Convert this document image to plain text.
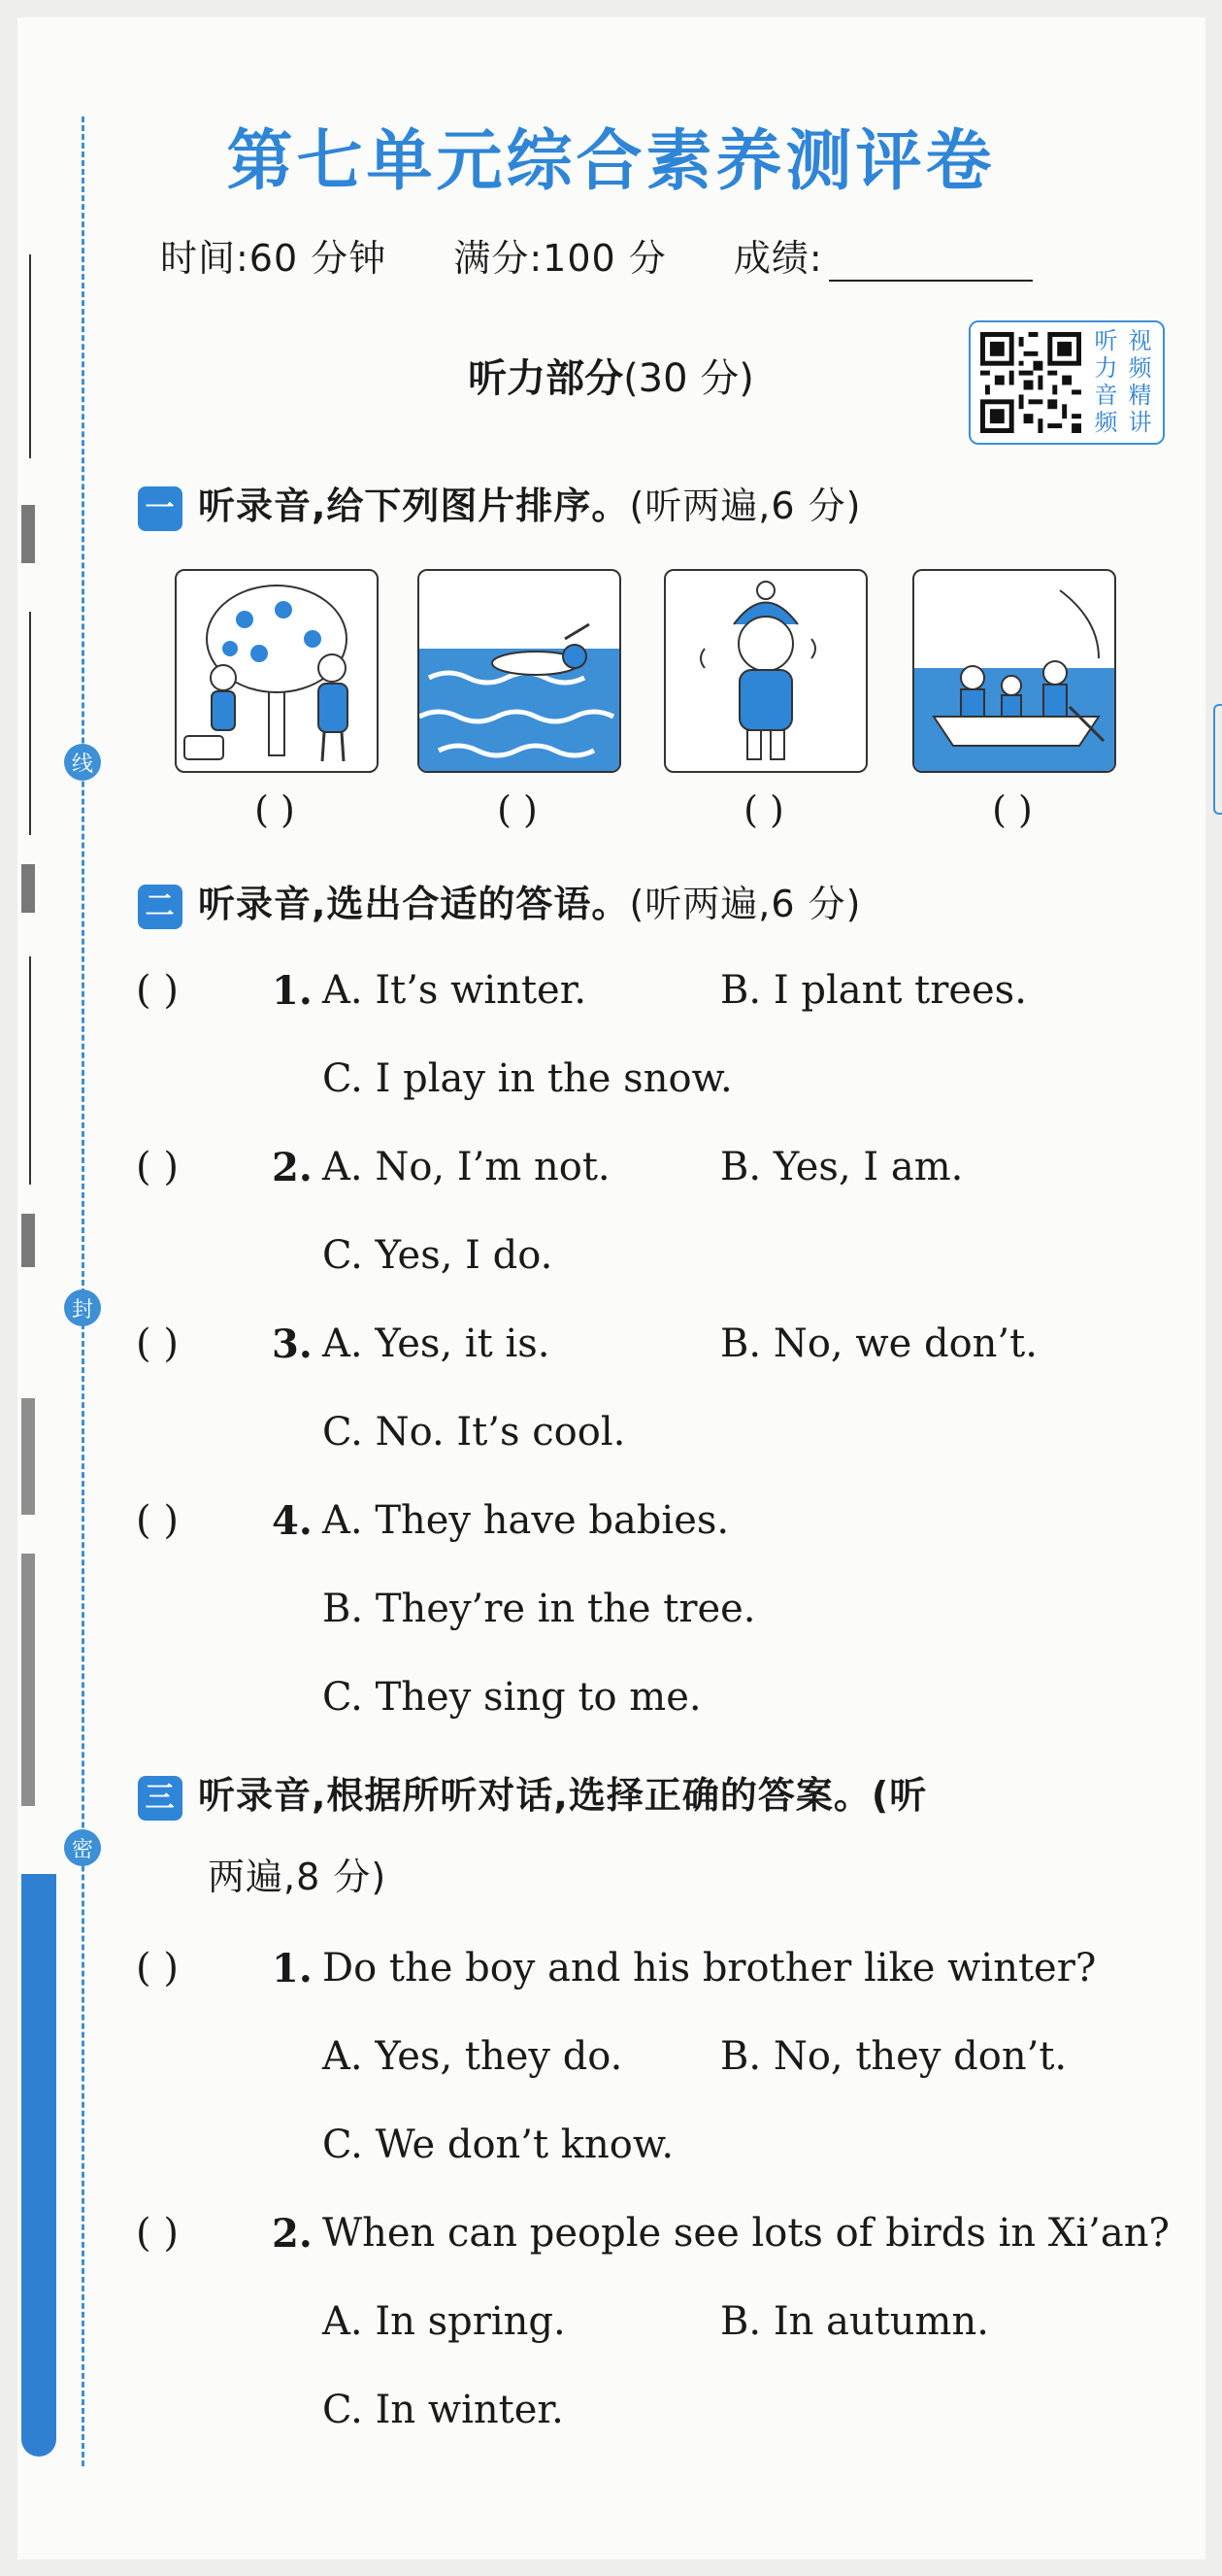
线
封
密
第七单元综合素养测评卷
时间:60 分钟 满分:100 分 成绩:
听力部分(30 分)
听 视
力 频
音 精
频 讲
一 听录音,给下列图片排序。(听两遍,6 分)
( )	( )	( )	( )
二 听录音,选出合适的答语。(听两遍,6 分)
( ) 1. A. It’s winter.	B. I plant trees.
C. I play in the snow.
( ) 2. A. No, I’m not.	B. Yes, I am.
C. Yes, I do.
( ) 3. A. Yes, it is.	B. No, we don’t.
C. No. It’s cool.
( ) 4. A. They have babies.
B. They’re in the tree.
C. They sing to me.
三 听录音,根据所听对话,选择正确的答案。(听
两遍,8 分)
( ) 1. Do the boy and his brother like winter?
A. Yes, they do.	B. No, they don’t.
C. We don’t know.
( ) 2. When can people see lots of birds in Xi’an?
A. In spring.	B. In autumn.
C. In winter.
